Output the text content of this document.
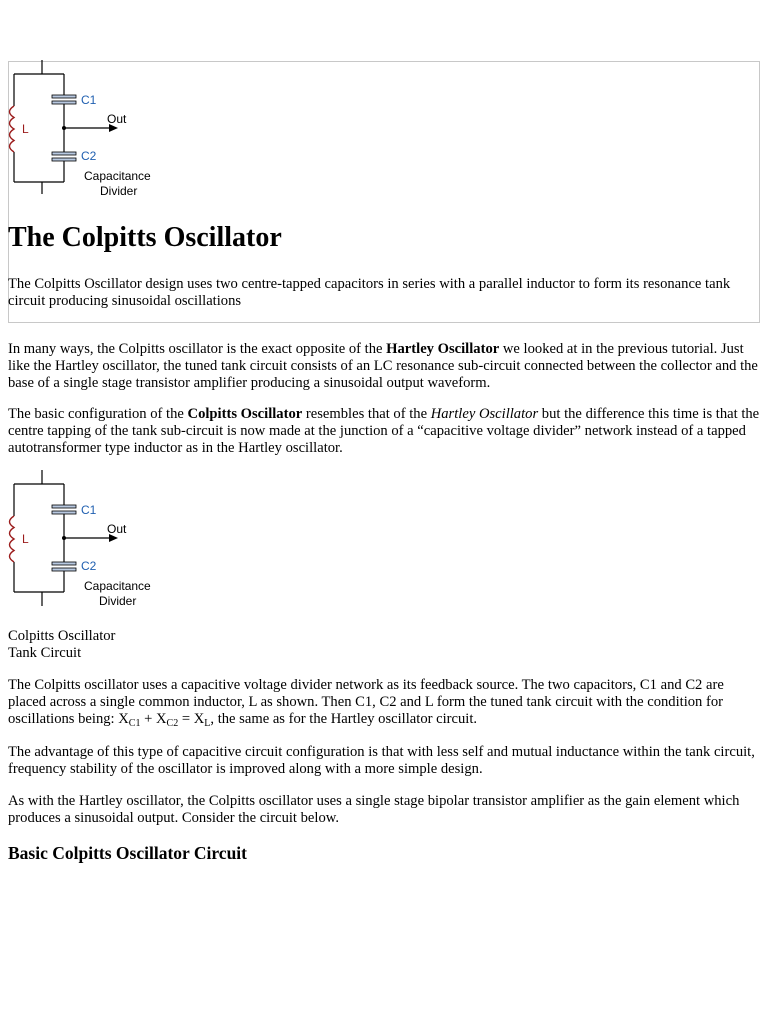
L
C1
C2
Out
Capacitance
Divider
The Colpitts Oscillator

The Colpitts Oscillator design uses two centre-tapped capacitors in series with a parallel inductor to form its resonance tank circuit producing sinusoidal oscillations

In many ways, the Colpitts oscillator is the exact opposite of the Hartley Oscillator we looked at in the previous tutorial. Just like the Hartley oscillator, the tuned tank circuit consists of an LC resonance sub-circuit connected between the collector and the base of a single stage transistor amplifier producing a sinusoidal output waveform.

The basic configuration of the Colpitts Oscillator resembles that of the Hartley Oscillator but the difference this time is that the centre tapping of the tank sub-circuit is now made at the junction of a “capacitive voltage divider” network instead of a tapped autotransformer type inductor as in the Hartley oscillator.

L
C1
C2
Out
Capacitance
Divider

Colpitts Oscillator
Tank Circuit

The Colpitts oscillator uses a capacitive voltage divider network as its feedback source. The two capacitors, C1 and C2 are placed across a single common inductor, L as shown. Then C1, C2 and L form the tuned tank circuit with the condition for oscillations being: $X_{C1} + X_{C2} = X_L$, the same as for the Hartley oscillator circuit.

The advantage of this type of capacitive circuit configuration is that with less self and mutual inductance within the tank circuit, frequency stability of the oscillator is improved along with a more simple design.

As with the Hartley oscillator, the Colpitts oscillator uses a single stage bipolar transistor amplifier as the gain element which produces a sinusoidal output. Consider the circuit below.

Basic Colpitts Oscillator Circuit
